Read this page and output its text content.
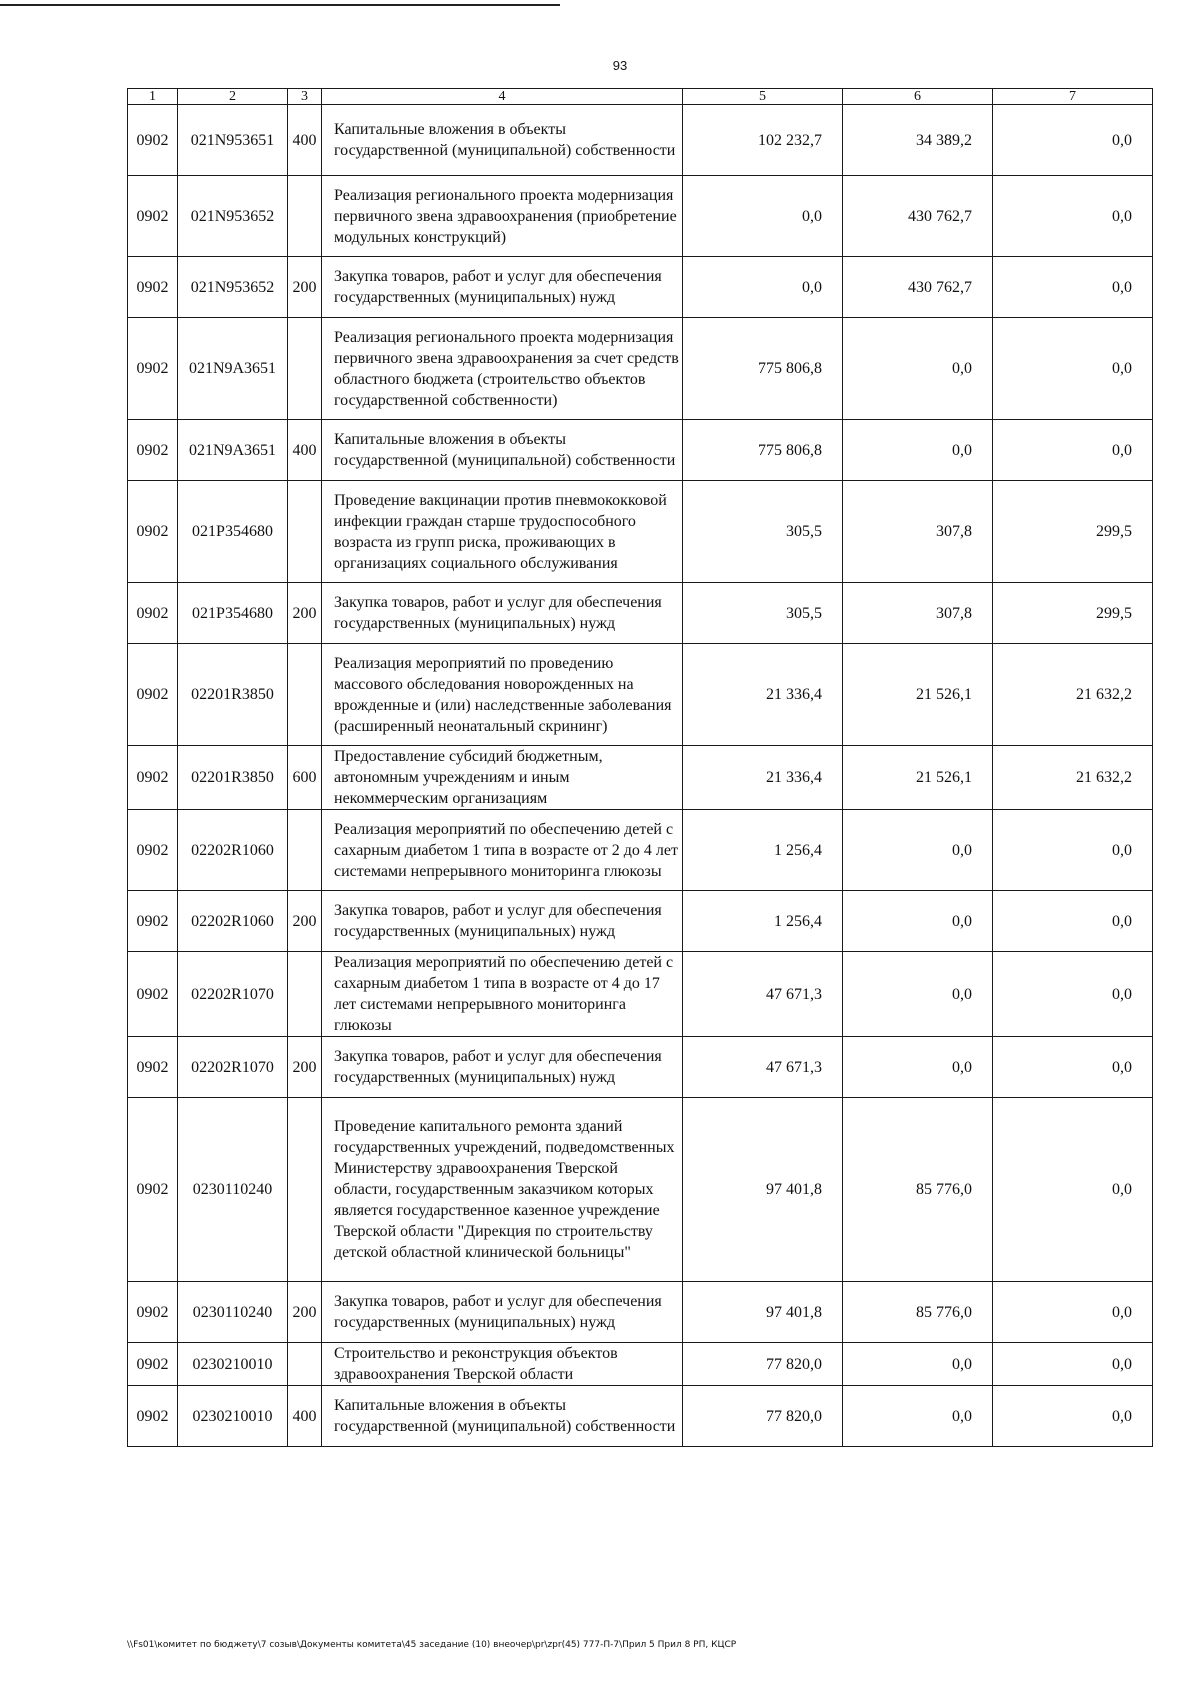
93
1	2	3	4	5	6	7
0902	021N953651	400	Капитальные вложения в объекты государственной (муниципальной) собственности	102 232,7	34 389,2	0,0
0902	021N953652		Реализация регионального проекта модернизация первичного звена здравоохранения (приобретение модульных конструкций)	0,0	430 762,7	0,0
0902	021N953652	200	Закупка товаров, работ и услуг для обеспечения государственных (муниципальных) нужд	0,0	430 762,7	0,0
0902	021N9A3651		Реализация регионального проекта модернизация первичного звена здравоохранения за счет средств областного бюджета (строительство объектов государственной собственности)	775 806,8	0,0	0,0
0902	021N9A3651	400	Капитальные вложения в объекты государственной (муниципальной) собственности	775 806,8	0,0	0,0
0902	021P354680		Проведение вакцинации против пневмококковой инфекции граждан старше трудоспособного возраста из групп риска, проживающих в организациях социального обслуживания	305,5	307,8	299,5
0902	021P354680	200	Закупка товаров, работ и услуг для обеспечения государственных (муниципальных) нужд	305,5	307,8	299,5
0902	02201R3850		Реализация мероприятий по проведению массового обследования новорожденных на врожденные и (или) наследственные заболевания (расширенный неонатальный скрининг)	21 336,4	21 526,1	21 632,2
0902	02201R3850	600	Предоставление субсидий бюджетным, автономным учреждениям и иным некоммерческим организациям	21 336,4	21 526,1	21 632,2
0902	02202R1060		Реализация мероприятий по обеспечению детей с сахарным диабетом 1 типа в возрасте от 2 до 4 лет системами непрерывного мониторинга глюкозы	1 256,4	0,0	0,0
0902	02202R1060	200	Закупка товаров, работ и услуг для обеспечения государственных (муниципальных) нужд	1 256,4	0,0	0,0
0902	02202R1070		Реализация мероприятий по обеспечению детей с сахарным диабетом 1 типа в возрасте от 4 до 17 лет системами непрерывного мониторинга глюкозы	47 671,3	0,0	0,0
0902	02202R1070	200	Закупка товаров, работ и услуг для обеспечения государственных (муниципальных) нужд	47 671,3	0,0	0,0
0902	0230110240		Проведение капитального ремонта зданий государственных учреждений, подведомственных Министерству здравоохранения Тверской области, государственным заказчиком которых является государственное казенное учреждение Тверской области "Дирекция по строительству детской областной клинической больницы"	97 401,8	85 776,0	0,0
0902	0230110240	200	Закупка товаров, работ и услуг для обеспечения государственных (муниципальных) нужд	97 401,8	85 776,0	0,0
0902	0230210010		Строительство и реконструкция объектов здравоохранения Тверской области	77 820,0	0,0	0,0
0902	0230210010	400	Капитальные вложения в объекты государственной (муниципальной) собственности	77 820,0	0,0	0,0
\\Fs01\комитет по бюджету\7 созыв\Документы комитета\45 заседание (10) внеочер\pr\zpr(45) 777-П-7\Прил 5 Прил 8 РП, КЦСР
